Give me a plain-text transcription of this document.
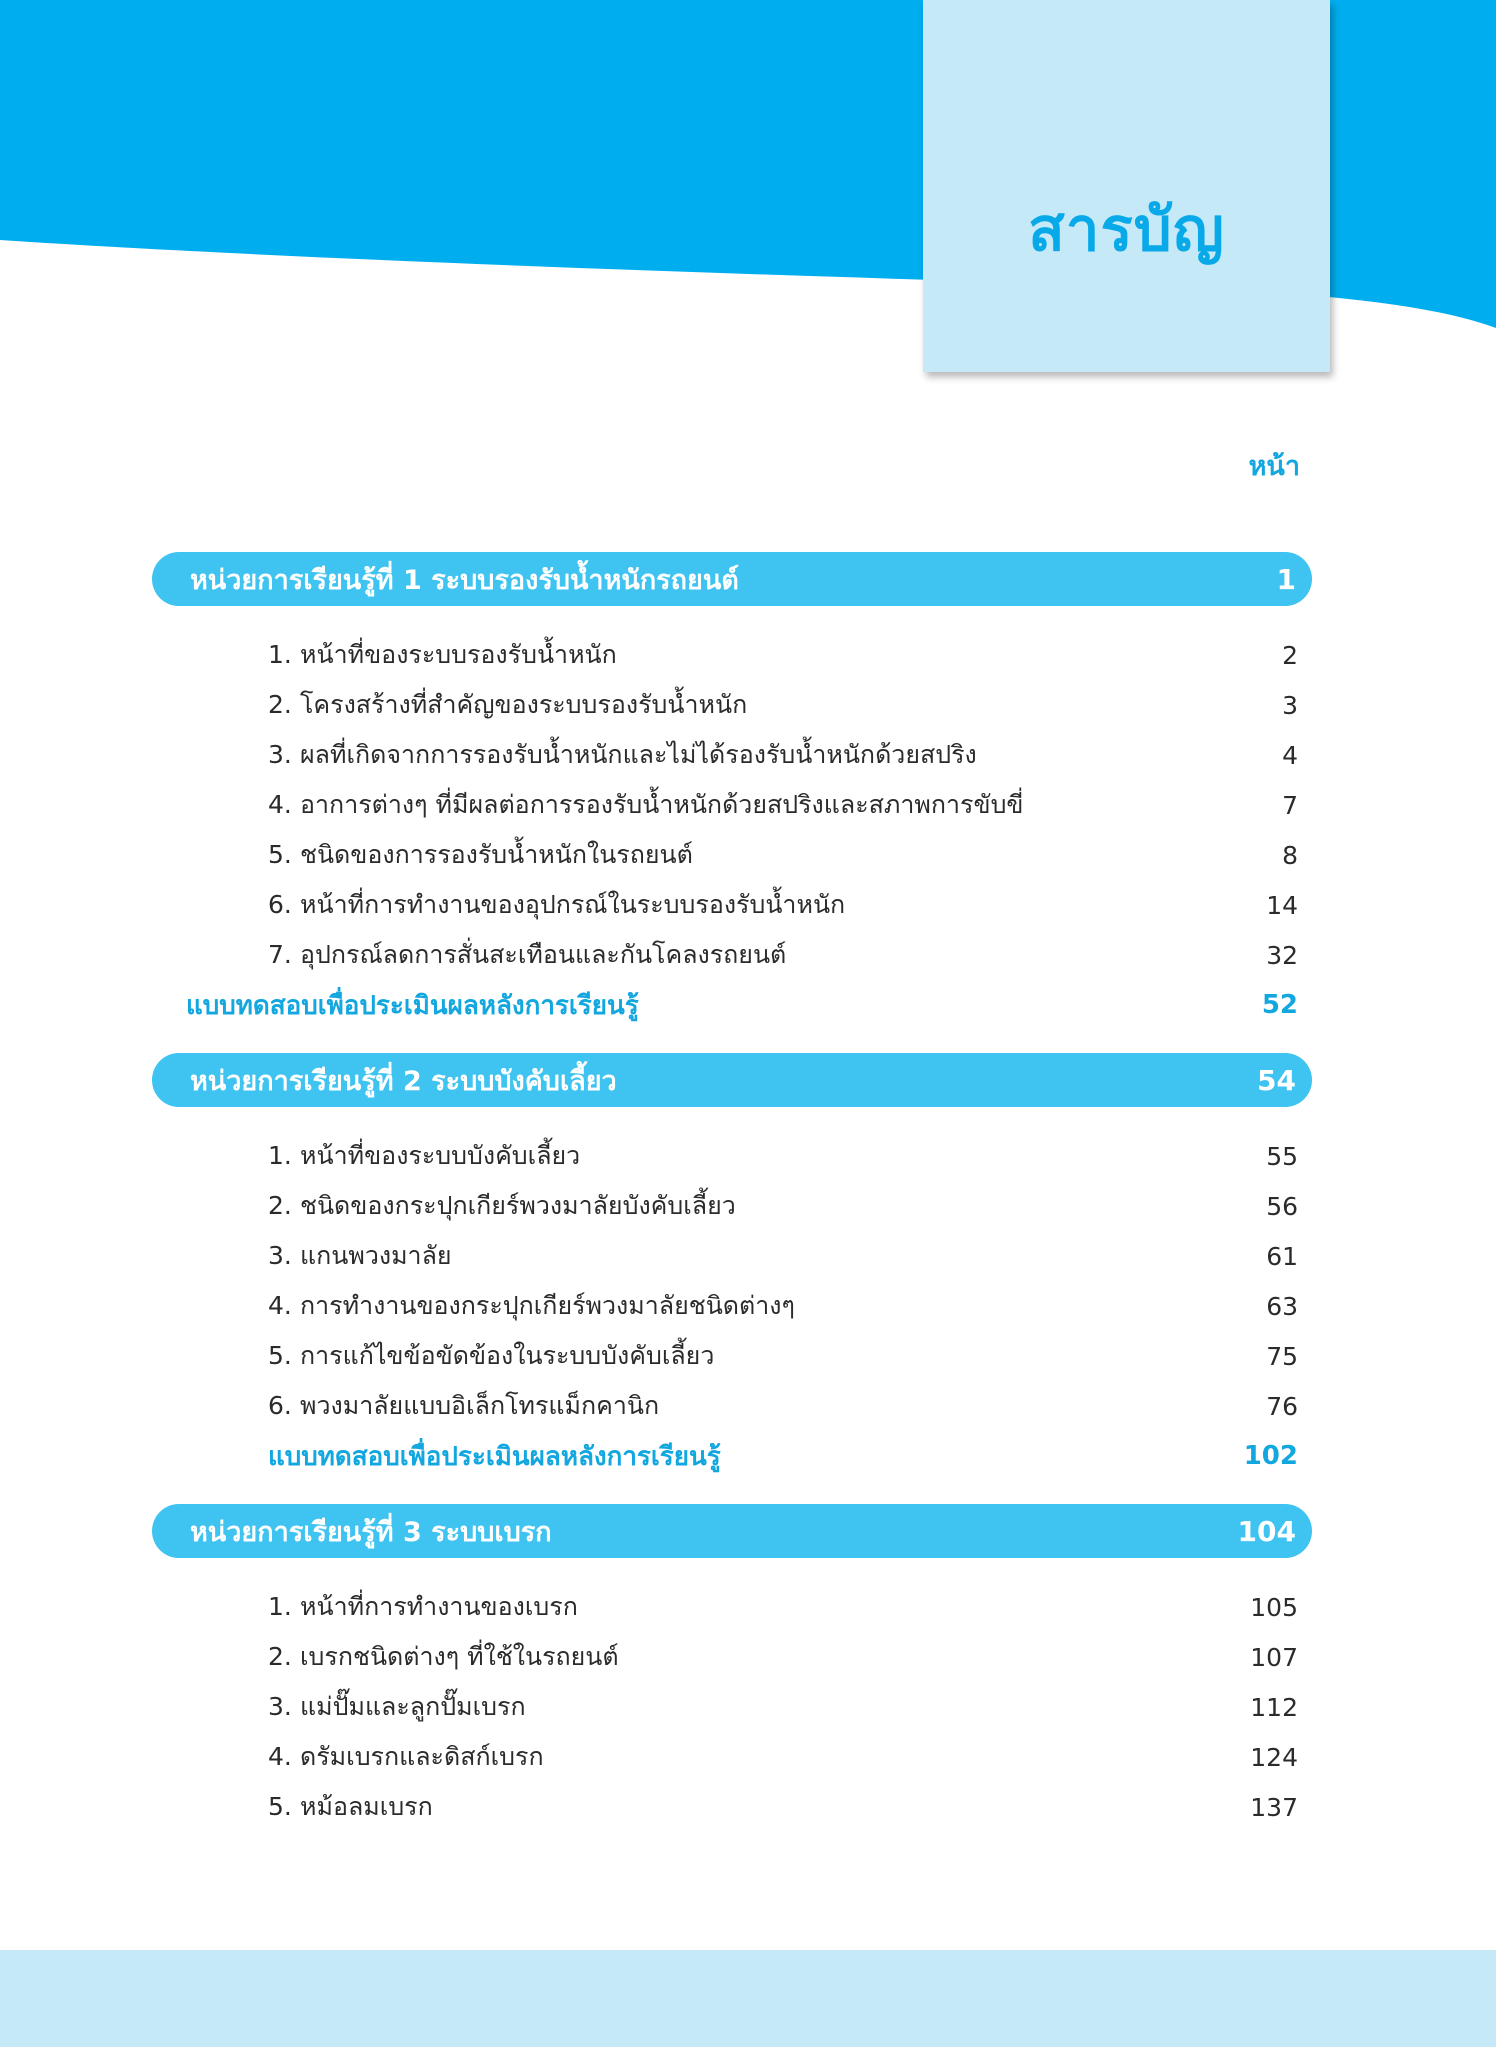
สารบัญ
หน้า
หน่วยการเรียนรู้ที่ 1 ระบบรองรับน้ำหนักรถยนต์	1
1. หน้าที่ของระบบรองรับน้ำหนัก	2
2. โครงสร้างที่สำคัญของระบบรองรับน้ำหนัก	3
3. ผลที่เกิดจากการรองรับน้ำหนักและไม่ได้รองรับน้ำหนักด้วยสปริง	4
4. อาการต่างๆ ที่มีผลต่อการรองรับน้ำหนักด้วยสปริงและสภาพการขับขี่	7
5. ชนิดของการรองรับน้ำหนักในรถยนต์	8
6. หน้าที่การทำงานของอุปกรณ์ในระบบรองรับน้ำหนัก	14
7. อุปกรณ์ลดการสั่นสะเทือนและกันโคลงรถยนต์	32
แบบทดสอบเพื่อประเมินผลหลังการเรียนรู้	52
หน่วยการเรียนรู้ที่ 2 ระบบบังคับเลี้ยว	54
1. หน้าที่ของระบบบังคับเลี้ยว	55
2. ชนิดของกระปุกเกียร์พวงมาลัยบังคับเลี้ยว	56
3. แกนพวงมาลัย	61
4. การทำงานของกระปุกเกียร์พวงมาลัยชนิดต่างๆ	63
5. การแก้ไขข้อขัดข้องในระบบบังคับเลี้ยว	75
6. พวงมาลัยแบบอิเล็กโทรแม็กคานิก	76
แบบทดสอบเพื่อประเมินผลหลังการเรียนรู้	102
หน่วยการเรียนรู้ที่ 3 ระบบเบรก	104
1. หน้าที่การทำงานของเบรก	105
2. เบรกชนิดต่างๆ ที่ใช้ในรถยนต์	107
3. แม่ปั๊มและลูกปั๊มเบรก	112
4. ดรัมเบรกและดิสก์เบรก	124
5. หม้อลมเบรก	137
